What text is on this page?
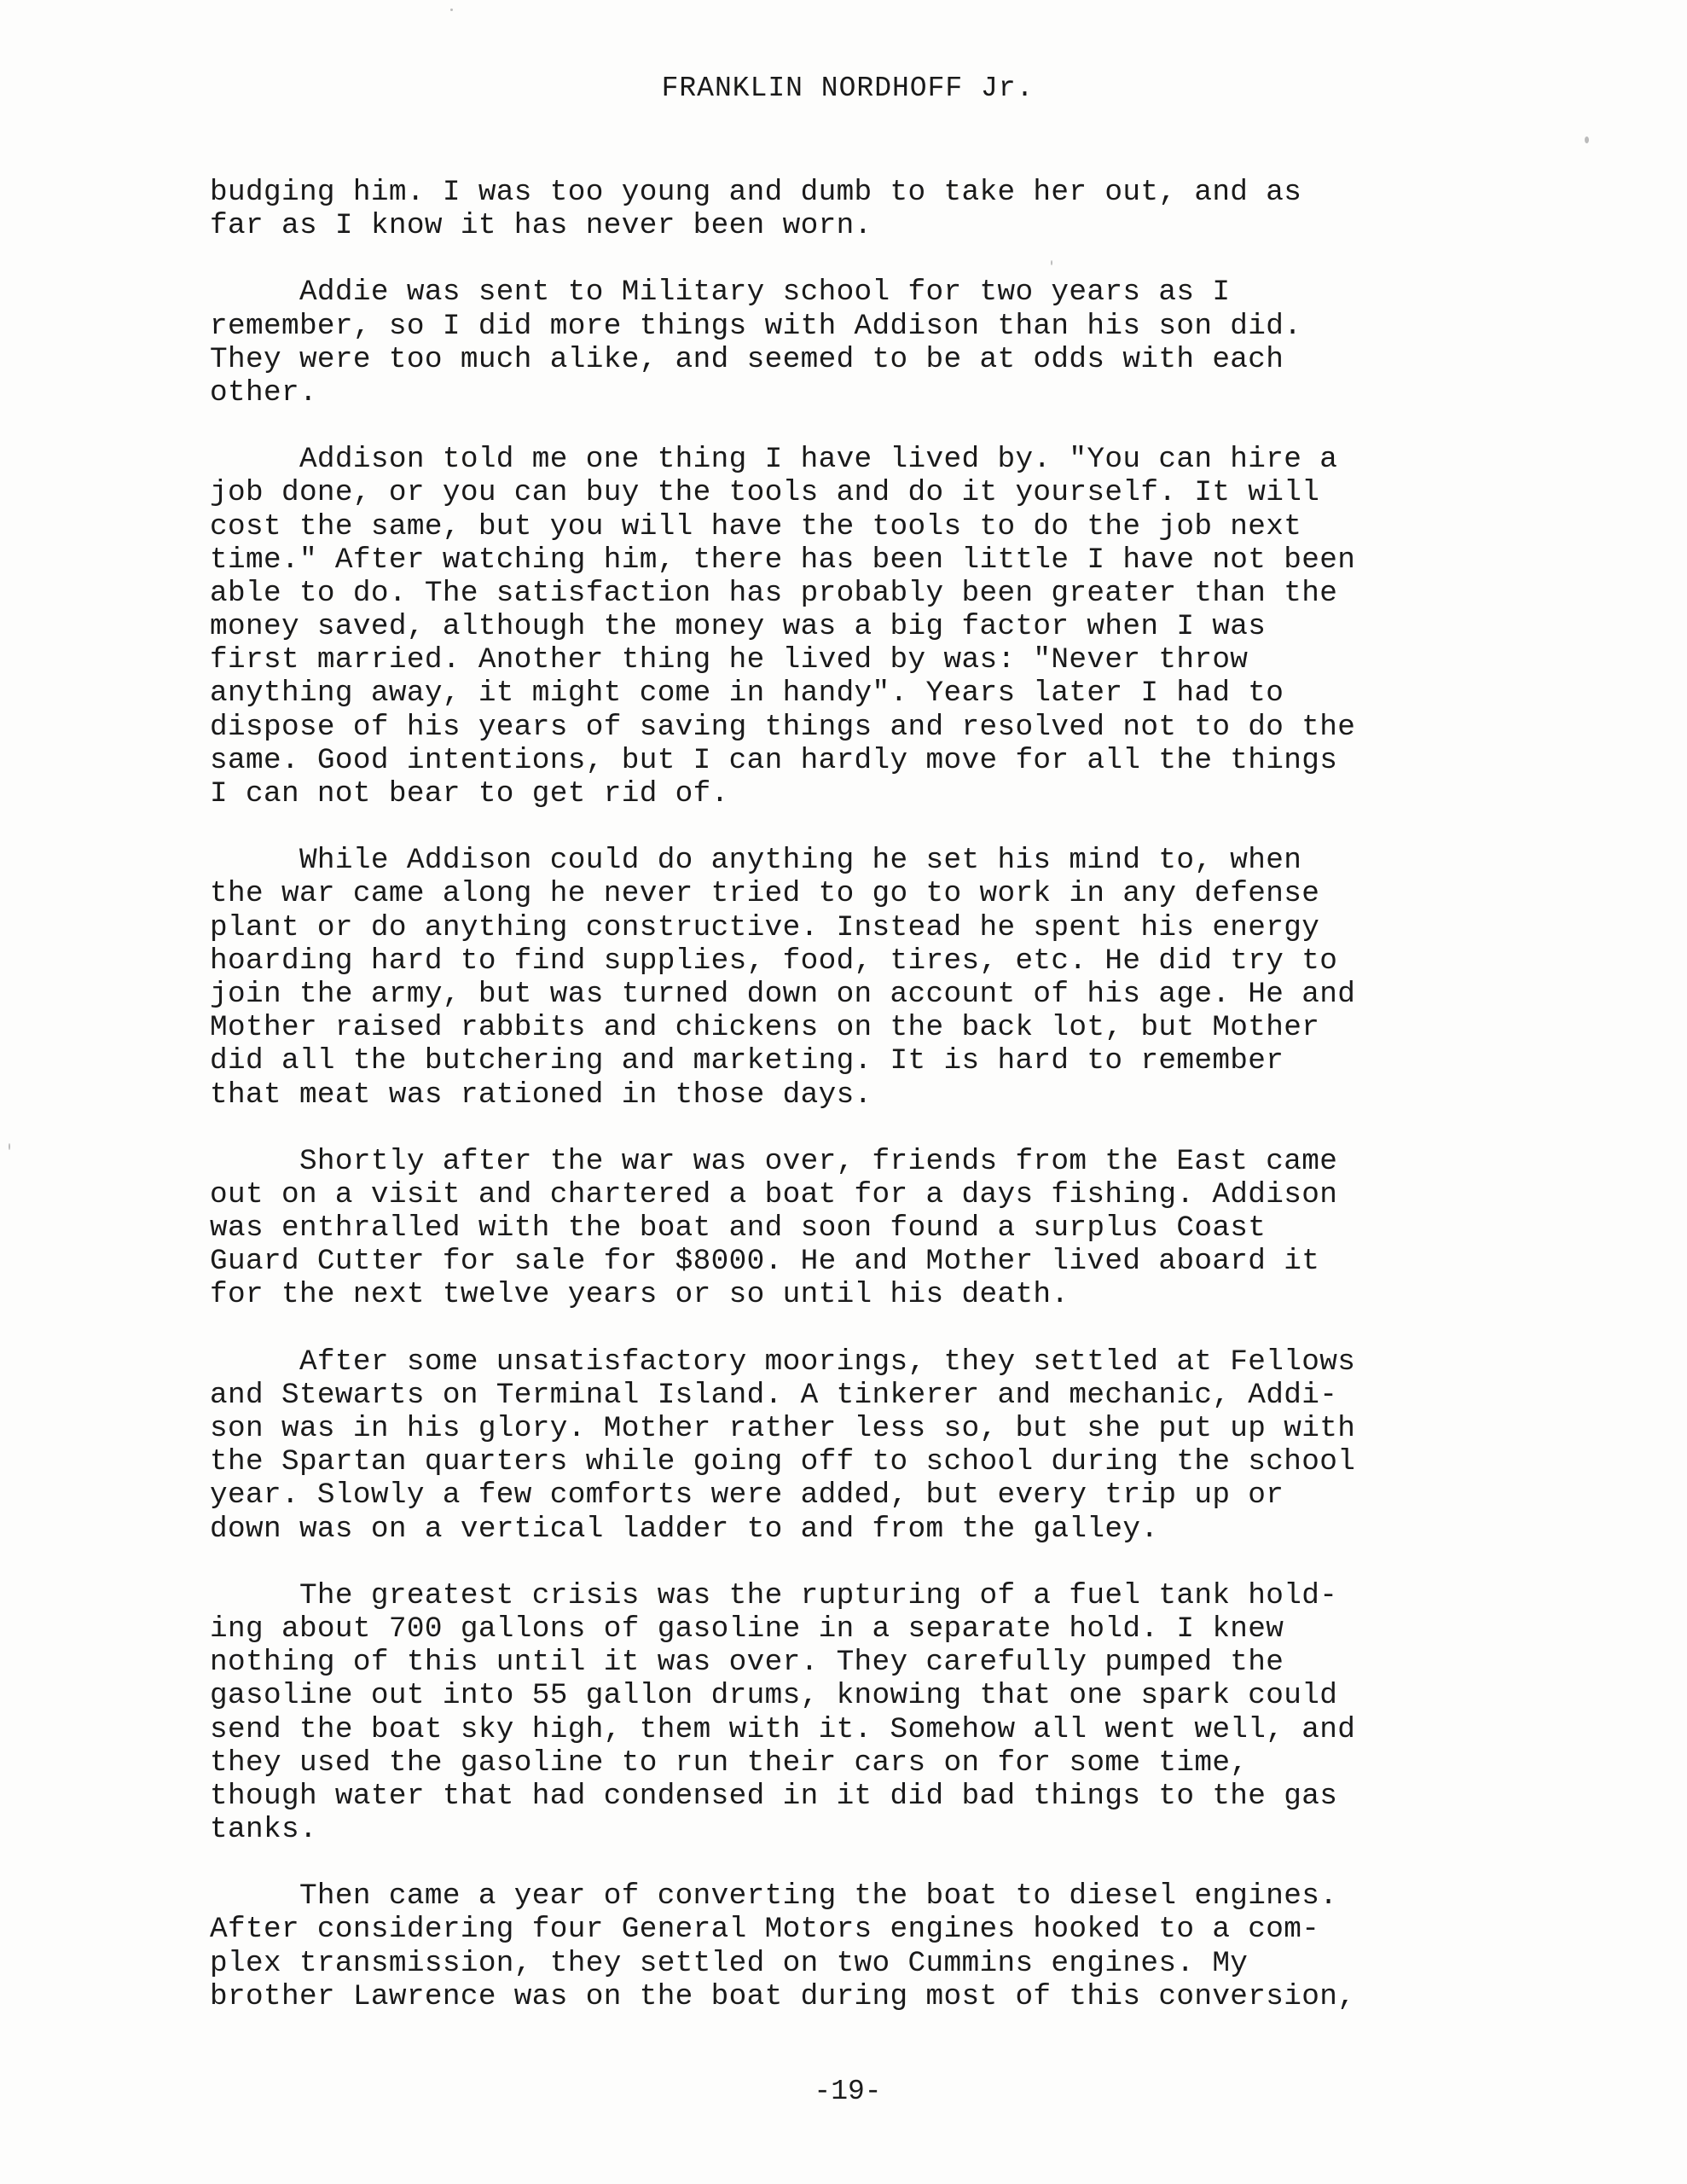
FRANKLIN NORDHOFF Jr.
budging him. I was too young and dumb to take her out, and as
far as I know it has never been worn.
Addie was sent to Military school for two years as I
remember, so I did more things with Addison than his son did.
They were too much alike, and seemed to be at odds with each
other.
Addison told me one thing I have lived by. "You can hire a
job done, or you can buy the tools and do it yourself. It will
cost the same, but you will have the tools to do the job next
time." After watching him, there has been little I have not been
able to do. The satisfaction has probably been greater than the
money saved, although the money was a big factor when I was
first married. Another thing he lived by was: "Never throw
anything away, it might come in handy". Years later I had to
dispose of his years of saving things and resolved not to do the
same. Good intentions, but I can hardly move for all the things
I can not bear to get rid of.
While Addison could do anything he set his mind to, when
the war came along he never tried to go to work in any defense
plant or do anything constructive. Instead he spent his energy
hoarding hard to find supplies, food, tires, etc. He did try to
join the army, but was turned down on account of his age. He and
Mother raised rabbits and chickens on the back lot, but Mother
did all the butchering and marketing. It is hard to remember
that meat was rationed in those days.
Shortly after the war was over, friends from the East came
out on a visit and chartered a boat for a days fishing. Addison
was enthralled with the boat and soon found a surplus Coast
Guard Cutter for sale for $8000. He and Mother lived aboard it
for the next twelve years or so until his death.
After some unsatisfactory moorings, they settled at Fellows
and Stewarts on Terminal Island. A tinkerer and mechanic, Addi-
son was in his glory. Mother rather less so, but she put up with
the Spartan quarters while going off to school during the school
year. Slowly a few comforts were added, but every trip up or
down was on a vertical ladder to and from the galley.
The greatest crisis was the rupturing of a fuel tank hold-
ing about 700 gallons of gasoline in a separate hold. I knew
nothing of this until it was over. They carefully pumped the
gasoline out into 55 gallon drums, knowing that one spark could
send the boat sky high, them with it. Somehow all went well, and
they used the gasoline to run their cars on for some time,
though water that had condensed in it did bad things to the gas
tanks.
Then came a year of converting the boat to diesel engines.
After considering four General Motors engines hooked to a com-
plex transmission, they settled on two Cummins engines. My
brother Lawrence was on the boat during most of this conversion,
-19-
